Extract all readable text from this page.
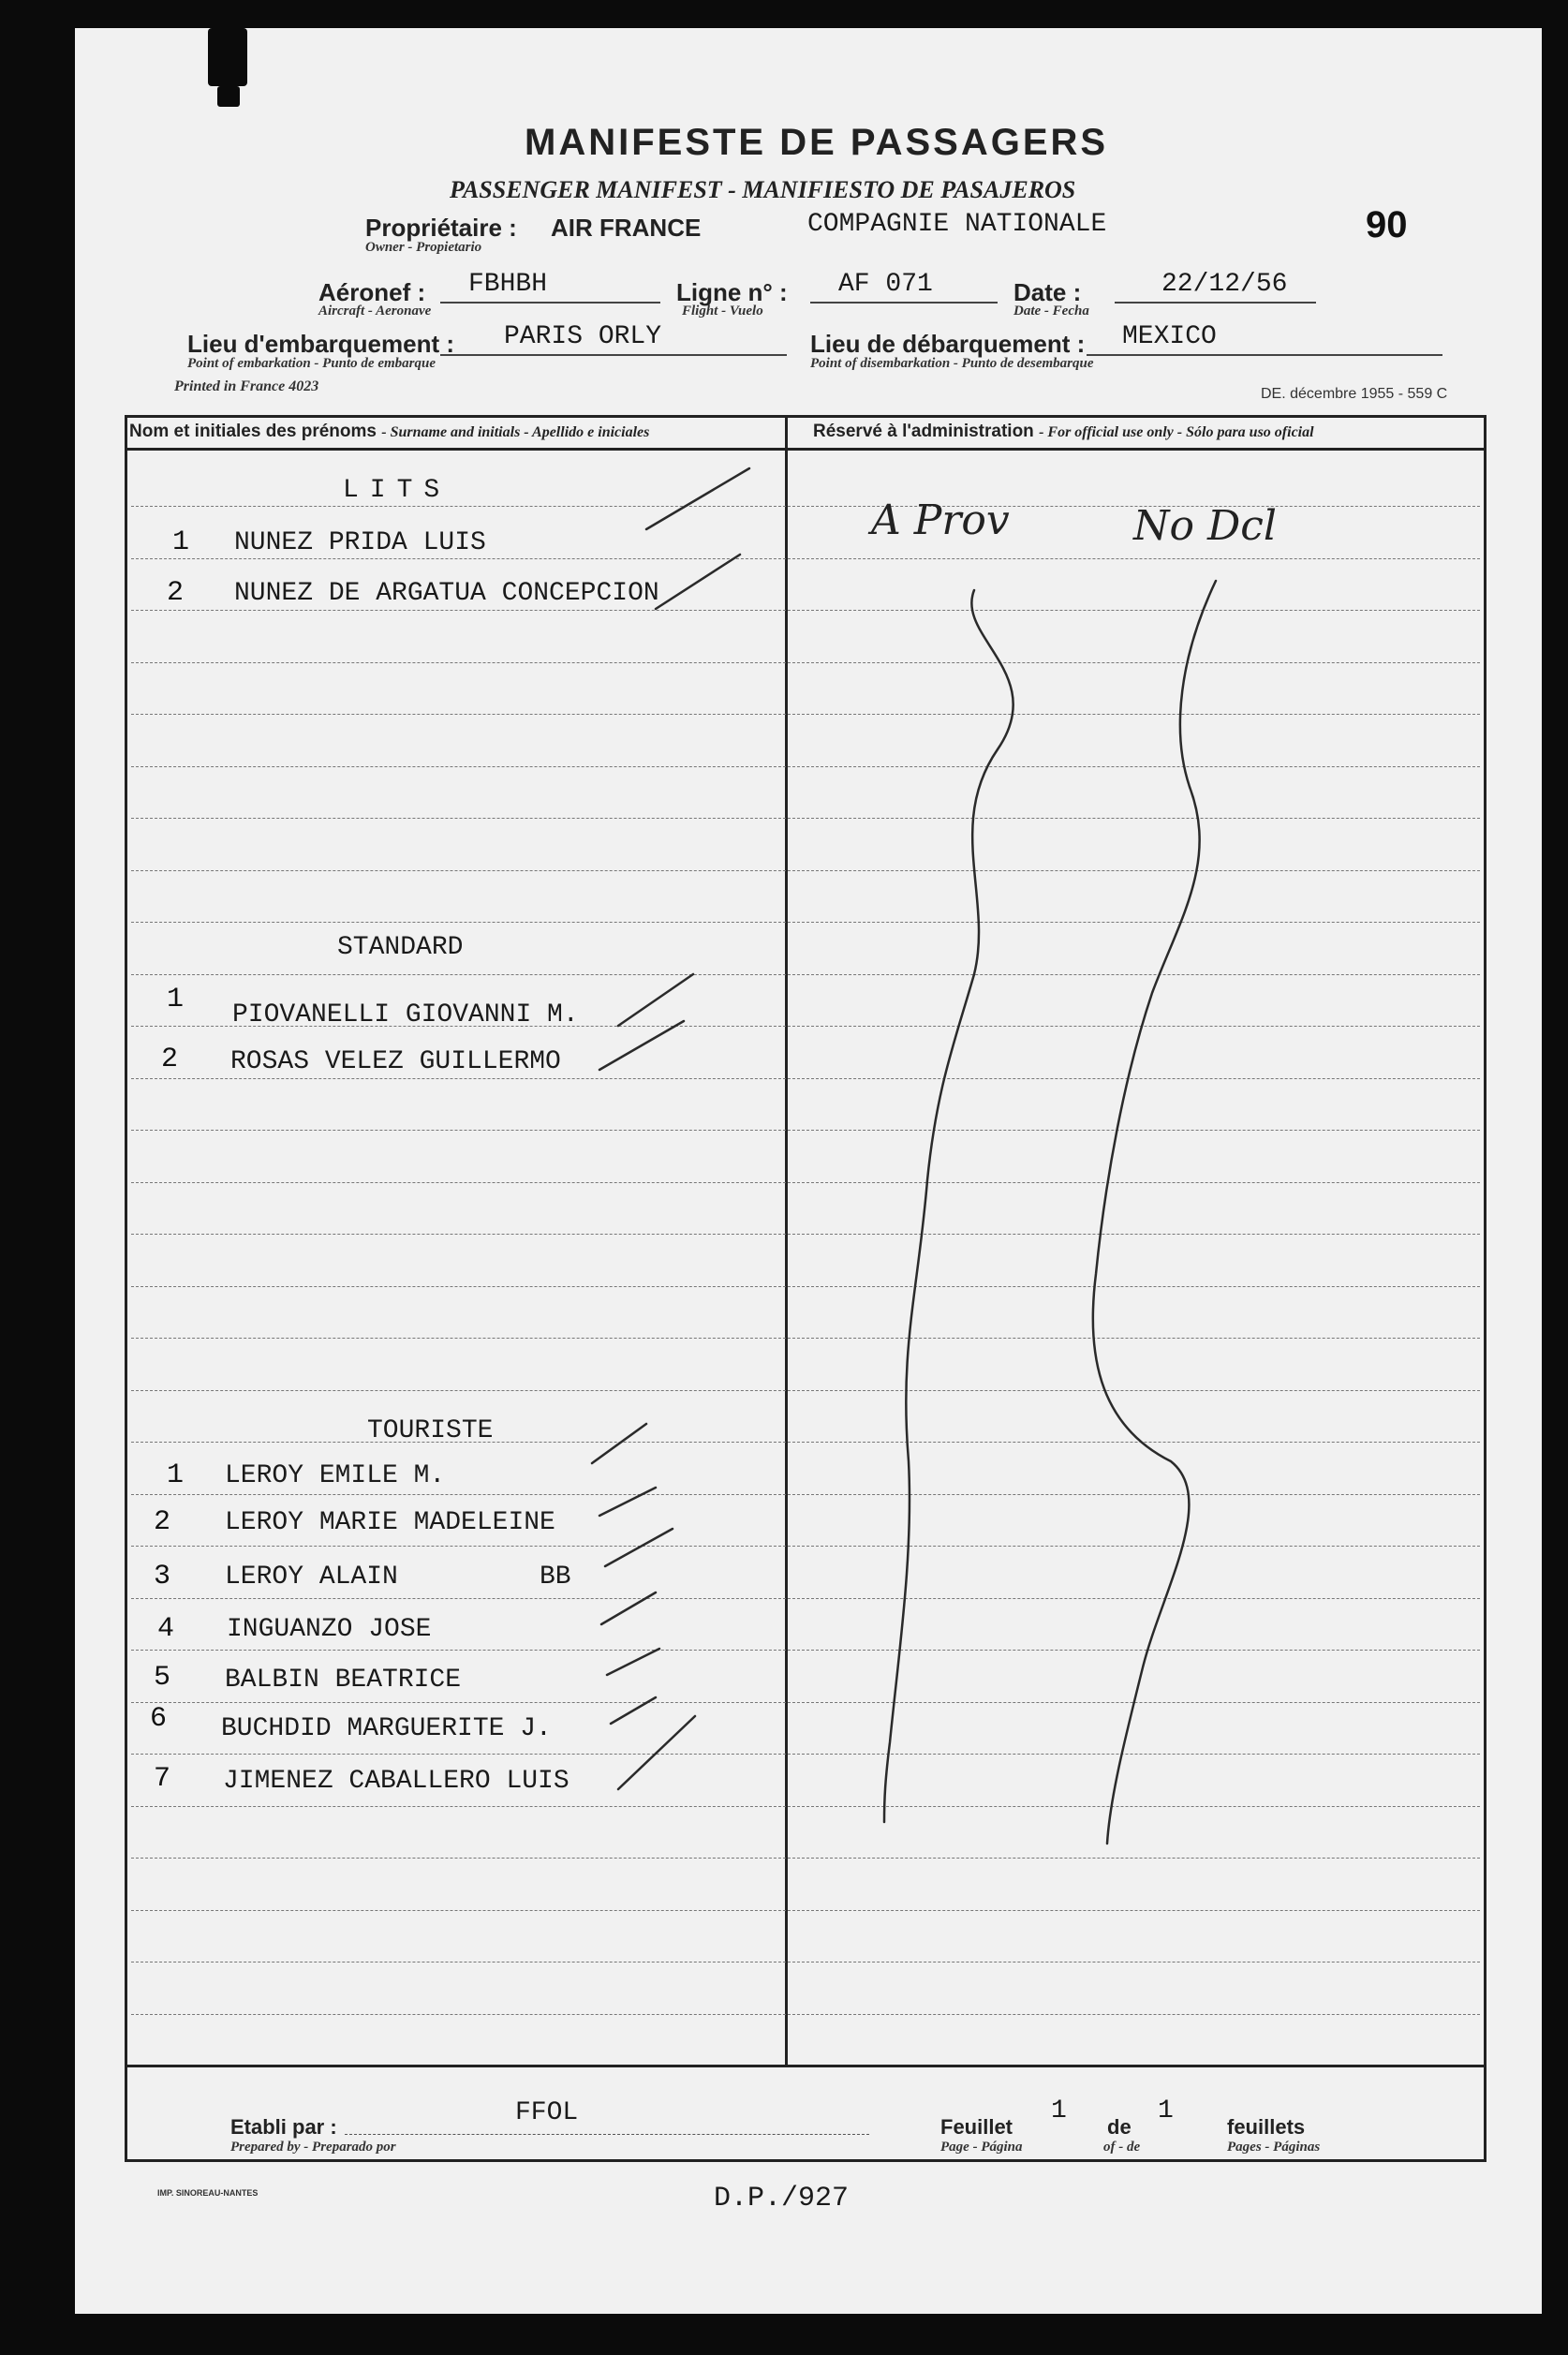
MANIFESTE DE PASSAGERS
PASSENGER MANIFEST - MANIFIESTO DE PASAJEROS
90
Propriétaire : AIR FRANCE
Owner - Propietario
COMPAGNIE NATIONALE
Aéronef : FBHBH
Aircraft - Aeronave
Ligne n° : AF 071
Flight - Vuelo
Date :	22/12/56
Date - Fecha
Lieu d'embarquement : PARIS ORLY
Point of embarkation - Punto de embarque
Lieu de débarquement : MEXICO
Point of disembarkation - Punto de desembarque
Printed in France 4023	DE. décembre 1955 - 559 C
Nom et initiales des prénoms - Surname and initials - Apellido e iniciales	Réservé à l'administration - For official use only - Sólo para uso oficial
LITS
1 NUNEZ PRIDA LUIS
2 NUNEZ DE ARGATUA CONCEPCION
STANDARD
1 PIOVANELLI GIOVANNI M.
2 ROSAS VELEZ GUILLERMO
TOURISTE
1 LEROY EMILE M.
2 LEROY MARIE MADELEINE
3 LEROY ALAIN	BB
4 INGUANZO JOSE
5 BALBIN BEATRICE
6 BUCHDID MARGUERITE J.
7 JIMENEZ CABALLERO LUIS
A Prov	No Dcl
Etabli par :	FFOL
Prepared by - Preparado por
Feuillet
1
de
1
feuillets
Page - Página	of - de	Pages - Páginas
IMP. SINOREAU-NANTES	D.P./927
